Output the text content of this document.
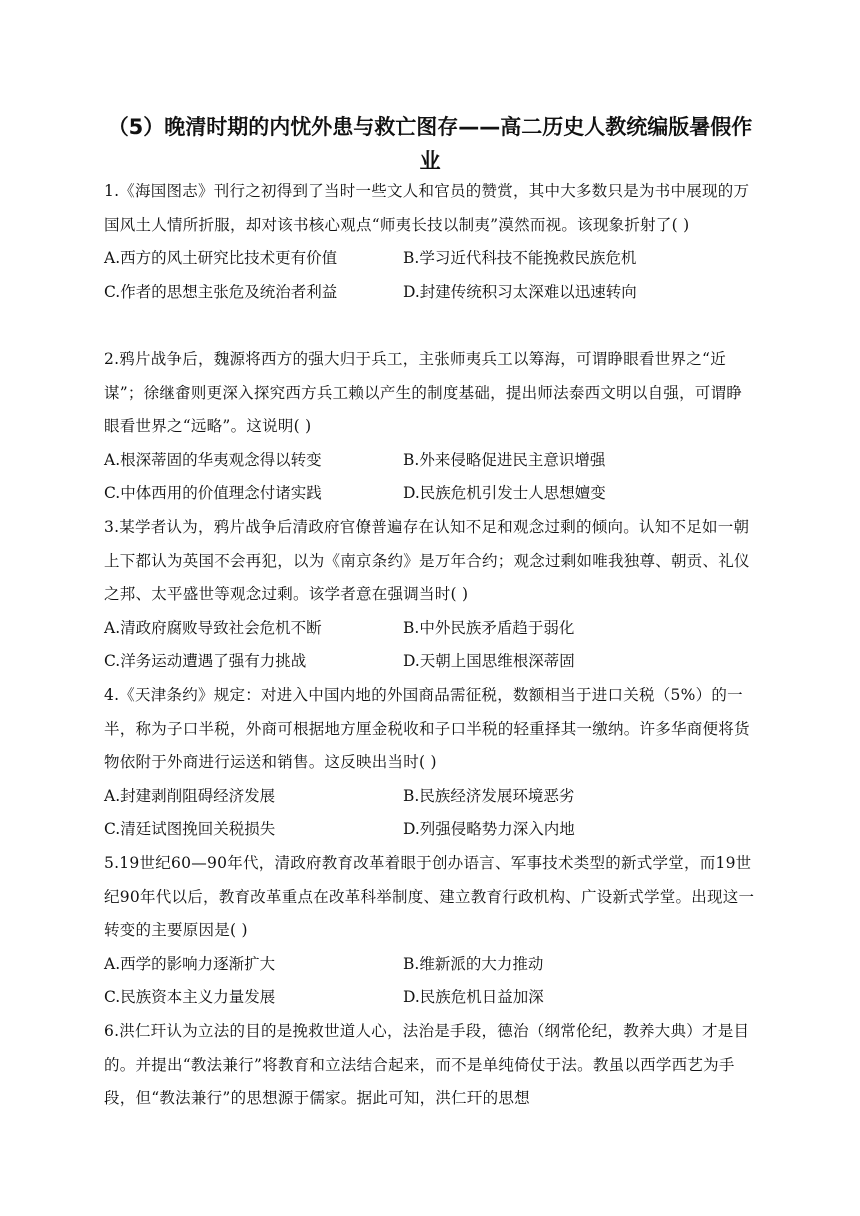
（5）晚清时期的内忧外患与救亡图存——高二历史人教统编版暑假作业
1.《海国图志》刊行之初得到了当时一些文人和官员的赞赏，其中大多数只是为书中展现的万国风土人情所折服，却对该书核心观点“师夷长技以制夷”漠然而视。该现象折射了( )
A.西方的风土研究比技术更有价值	B.学习近代科技不能挽救民族危机
C.作者的思想主张危及统治者利益	D.封建传统积习太深难以迅速转向
2.鸦片战争后，魏源将西方的强大归于兵工，主张师夷兵工以筹海，可谓睁眼看世界之“近谋”；徐继畬则更深入探究西方兵工赖以产生的制度基础，提出师法泰西文明以自强，可谓睁眼看世界之“远略”。这说明( )
A.根深蒂固的华夷观念得以转变	B.外来侵略促进民主意识增强
C.中体西用的价值理念付诸实践	D.民族危机引发士人思想嬗变
3.某学者认为，鸦片战争后清政府官僚普遍存在认知不足和观念过剩的倾向。认知不足如一朝上下都认为英国不会再犯，以为《南京条约》是万年合约；观念过剩如唯我独尊、朝贡、礼仪之邦、太平盛世等观念过剩。该学者意在强调当时( )
A.清政府腐败导致社会危机不断	B.中外民族矛盾趋于弱化
C.洋务运动遭遇了强有力挑战	D.天朝上国思维根深蒂固
4.《天津条约》规定：对进入中国内地的外国商品需征税，数额相当于进口关税（5%）的一半，称为子口半税，外商可根据地方厘金税收和子口半税的轻重择其一缴纳。许多华商便将货物依附于外商进行运送和销售。这反映出当时( )
A.封建剥削阻碍经济发展	B.民族经济发展环境恶劣
C.清廷试图挽回关税损失	D.列强侵略势力深入内地
5.19世纪60—90年代，清政府教育改革着眼于创办语言、军事技术类型的新式学堂，而19世纪90年代以后，教育改革重点在改革科举制度、建立教育行政机构、广设新式学堂。出现这一转变的主要原因是( )
A.西学的影响力逐渐扩大	B.维新派的大力推动
C.民族资本主义力量发展	D.民族危机日益加深
6.洪仁玕认为立法的目的是挽救世道人心，法治是手段，德治（纲常伦纪，教养大典）才是目的。并提出“教法兼行”将教育和立法结合起来，而不是单纯倚仗于法。教虽以西学西艺为手段，但“教法兼行”的思想源于儒家。据此可知，洪仁玕的思想
